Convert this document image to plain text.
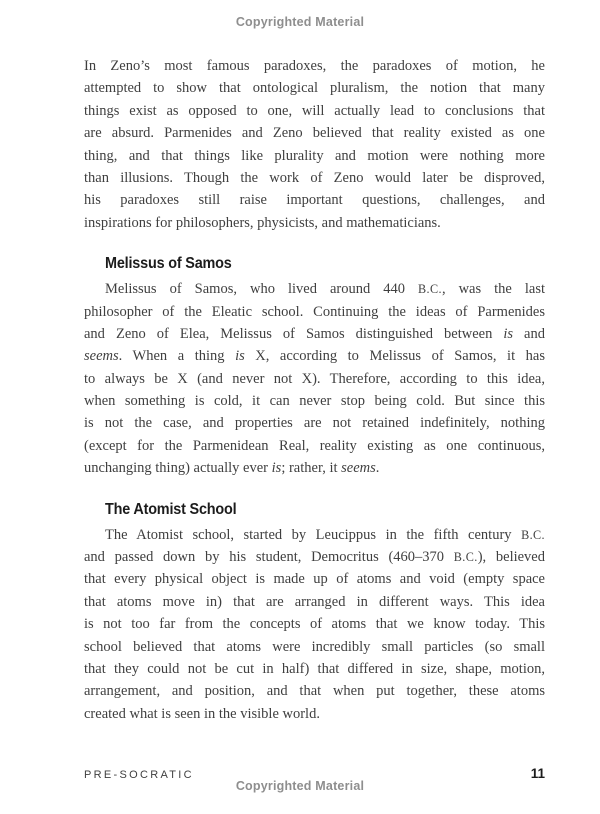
Copyrighted Material
In Zeno’s most famous paradoxes, the paradoxes of motion, he
attempted to show that ontological pluralism, the notion that many
things exist as opposed to one, will actually lead to conclusions that
are absurd. Parmenides and Zeno believed that reality existed as one
thing, and that things like plurality and motion were nothing more
than illusions. Though the work of Zeno would later be disproved,
his paradoxes still raise important questions, challenges, and
inspirations for philosophers, physicists, and mathematicians.
Melissus of Samos
Melissus of Samos, who lived around 440 B.C., was the last
philosopher of the Eleatic school. Continuing the ideas of Parmenides
and Zeno of Elea, Melissus of Samos distinguished between is and
seems. When a thing is X, according to Melissus of Samos, it has
to always be X (and never not X). Therefore, according to this idea,
when something is cold, it can never stop being cold. But since this
is not the case, and properties are not retained indefinitely, nothing
(except for the Parmenidean Real, reality existing as one continuous,
unchanging thing) actually ever is; rather, it seems.
The Atomist School
The Atomist school, started by Leucippus in the fifth century B.C.
and passed down by his student, Democritus (460–370 B.C.), believed
that every physical object is made up of atoms and void (empty space
that atoms move in) that are arranged in different ways. This idea
is not too far from the concepts of atoms that we know today. This
school believed that atoms were incredibly small particles (so small
that they could not be cut in half) that differed in size, shape, motion,
arrangement, and position, and that when put together, these atoms
created what is seen in the visible world.
PRE-SOCRATIC	11
Copyrighted Material
